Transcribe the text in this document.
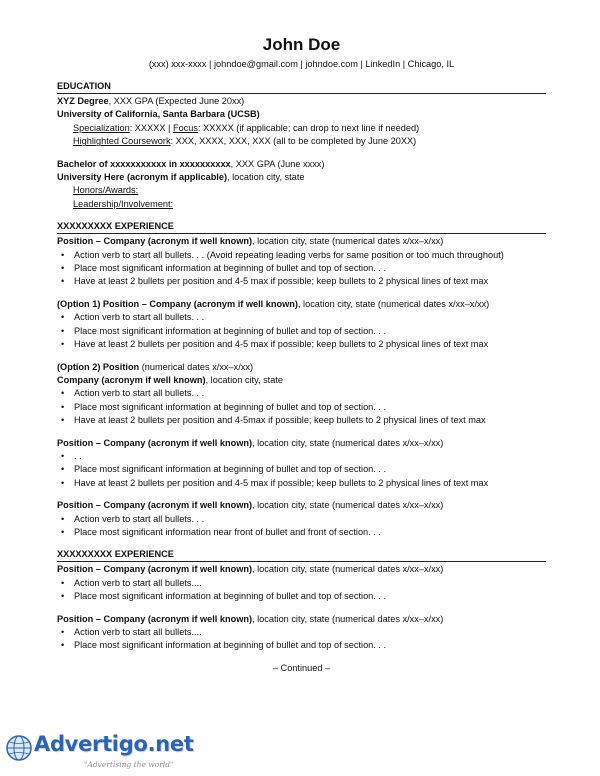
John Doe
(xxx) xxx-xxxx | johndoe@gmail.com | johndoe.com | LinkedIn | Chicago, IL
EDUCATION
XYZ Degree, XXX GPA (Expected June 20xx)
University of California, Santa Barbara (UCSB)
Specialization: XXXXX | Focus: XXXXX (if applicable; can drop to next line if needed)
Highlighted Coursework: XXX, XXXX, XXX, XXX (all to be completed by June 20XX)
Bachelor of xxxxxxxxxxx in xxxxxxxxxx, XXX GPA (June xxxx)
University Here (acronym if applicable), location city, state
Honors/Awards:
Leadership/Involvement:
XXXXXXXXX EXPERIENCE
Position – Company (acronym if well known), location city, state (numerical dates x/xx–x/xx)
• Action verb to start all bullets. . . (Avoid repeating leading verbs for same position or too much throughout)
• Place most significant information at beginning of bullet and top of section. . .
• Have at least 2 bullets per position and 4-5 max if possible; keep bullets to 2 physical lines of text max
(Option 1) Position – Company (acronym if well known), location city, state (numerical dates x/xx–x/xx)
• Action verb to start all bullets. . .
• Place most significant information at beginning of bullet and top of section. . .
• Have at least 2 bullets per position and 4-5 max if possible; keep bullets to 2 physical lines of text max
(Option 2) Position (numerical dates x/xx–x/xx)
Company (acronym if well known), location city, state
• Action verb to start all bullets. . .
• Place most significant information at beginning of bullet and top of section. . .
• Have at least 2 bullets per position and 4-5max if possible; keep bullets to 2 physical lines of text max
Position – Company (acronym if well known), location city, state (numerical dates x/xx–x/xx)
• . .
• Place most significant information at beginning of bullet and top of section. . .
• Have at least 2 bullets per position and 4-5 max if possible; keep bullets to 2 physical lines of text max
Position – Company (acronym if well known), location city, state (numerical dates x/xx–x/xx)
• Action verb to start all bullets. . .
• Place most significant information near front of bullet and front of section. . .
XXXXXXXXX EXPERIENCE
Position – Company (acronym if well known), location city, state (numerical dates x/xx–x/xx)
• Action verb to start all bullets....
• Place most significant information at beginning of bullet and top of section. . .
Position – Company (acronym if well known), location city, state (numerical dates x/xx–x/xx)
• Action verb to start all bullets....
• Place most significant information at beginning of bullet and top of section. . .
– Continued –
Advertigo.net
"Advertising the world"
